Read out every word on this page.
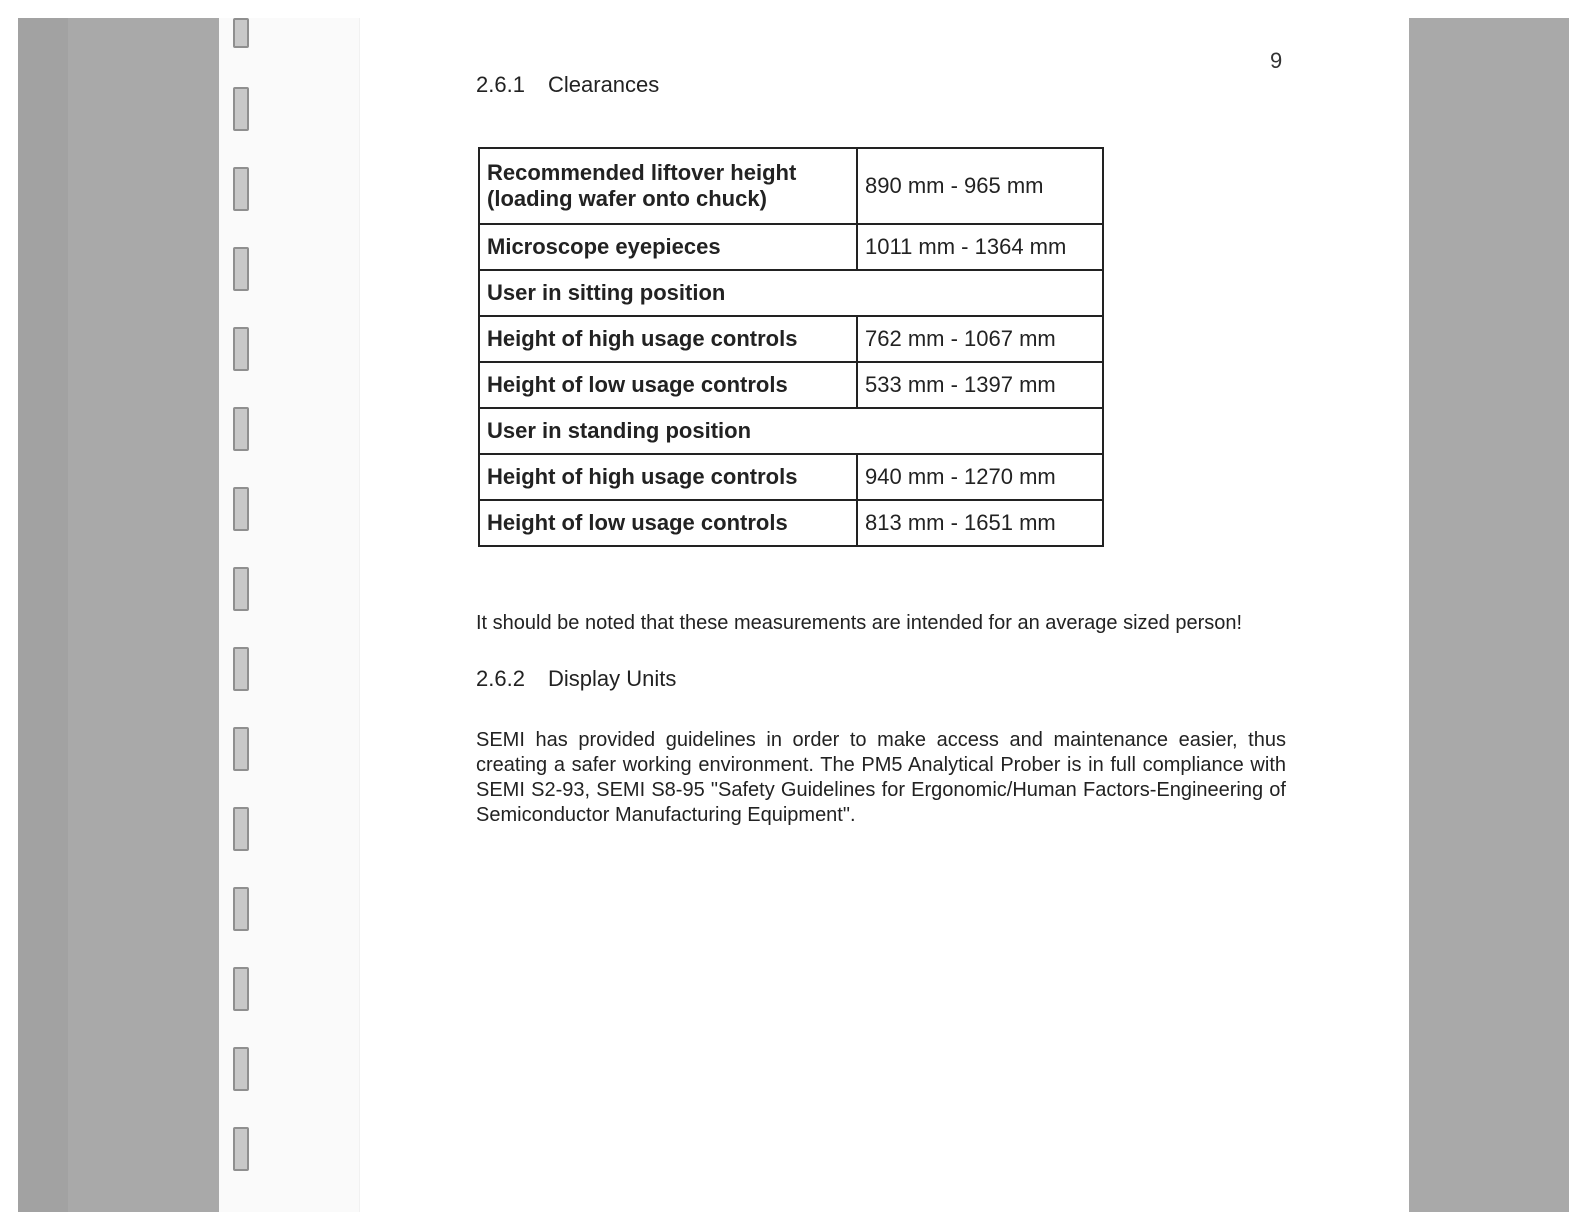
9
2.6.1 Clearances
Recommended liftover height (loading wafer onto chuck)	890 mm - 965 mm
Microscope eyepieces	1011 mm - 1364 mm
User in sitting position	
Height of high usage controls	762 mm - 1067 mm
Height of low usage controls	533 mm - 1397 mm
User in standing position	
Height of high usage controls	940 mm - 1270 mm
Height of low usage controls	813 mm - 1651 mm
It should be noted that these measurements are intended for an average sized person!
2.6.2 Display Units
SEMI has provided guidelines in order to make access and maintenance easier, thus creating a safer working environment. The PM5 Analytical Prober is in full compliance with SEMI S2-93, SEMI S8-95 "Safety Guidelines for Ergonomic/Human Factors-Engineering of Semiconductor Manufacturing Equipment".
